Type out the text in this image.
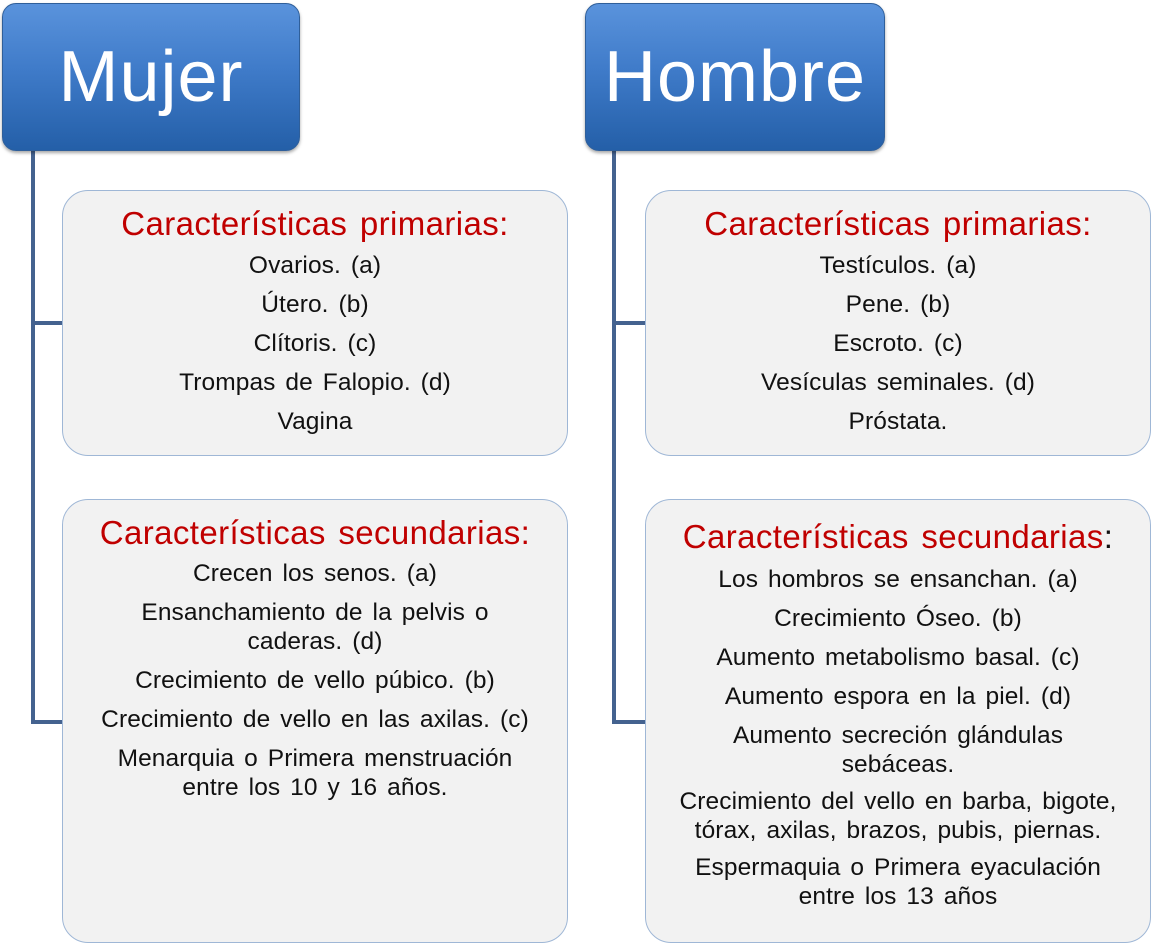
Mujer
Características primarias:
Ovarios. (a)
Útero. (b)
Clítoris. (c)
Trompas de Falopio. (d)
Vagina
Características secundarias:
Crecen los senos. (a)
Ensanchamiento de la pelvis o caderas. (d)
Crecimiento de vello púbico. (b)
Crecimiento de vello en las axilas. (c)
Menarquia o Primera menstruación entre los 10 y 16 años.
Hombre
Características primarias:
Testículos. (a)
Pene. (b)
Escroto. (c)
Vesículas seminales. (d)
Próstata.
Características secundarias:
Los hombros se ensanchan. (a)
Crecimiento Óseo. (b)
Aumento metabolismo basal. (c)
Aumento espora en la piel. (d)
Aumento secreción glándulas sebáceas.
Crecimiento del vello en barba, bigote, tórax, axilas, brazos, pubis, piernas.
Espermaquia o Primera eyaculación entre los 13 años
